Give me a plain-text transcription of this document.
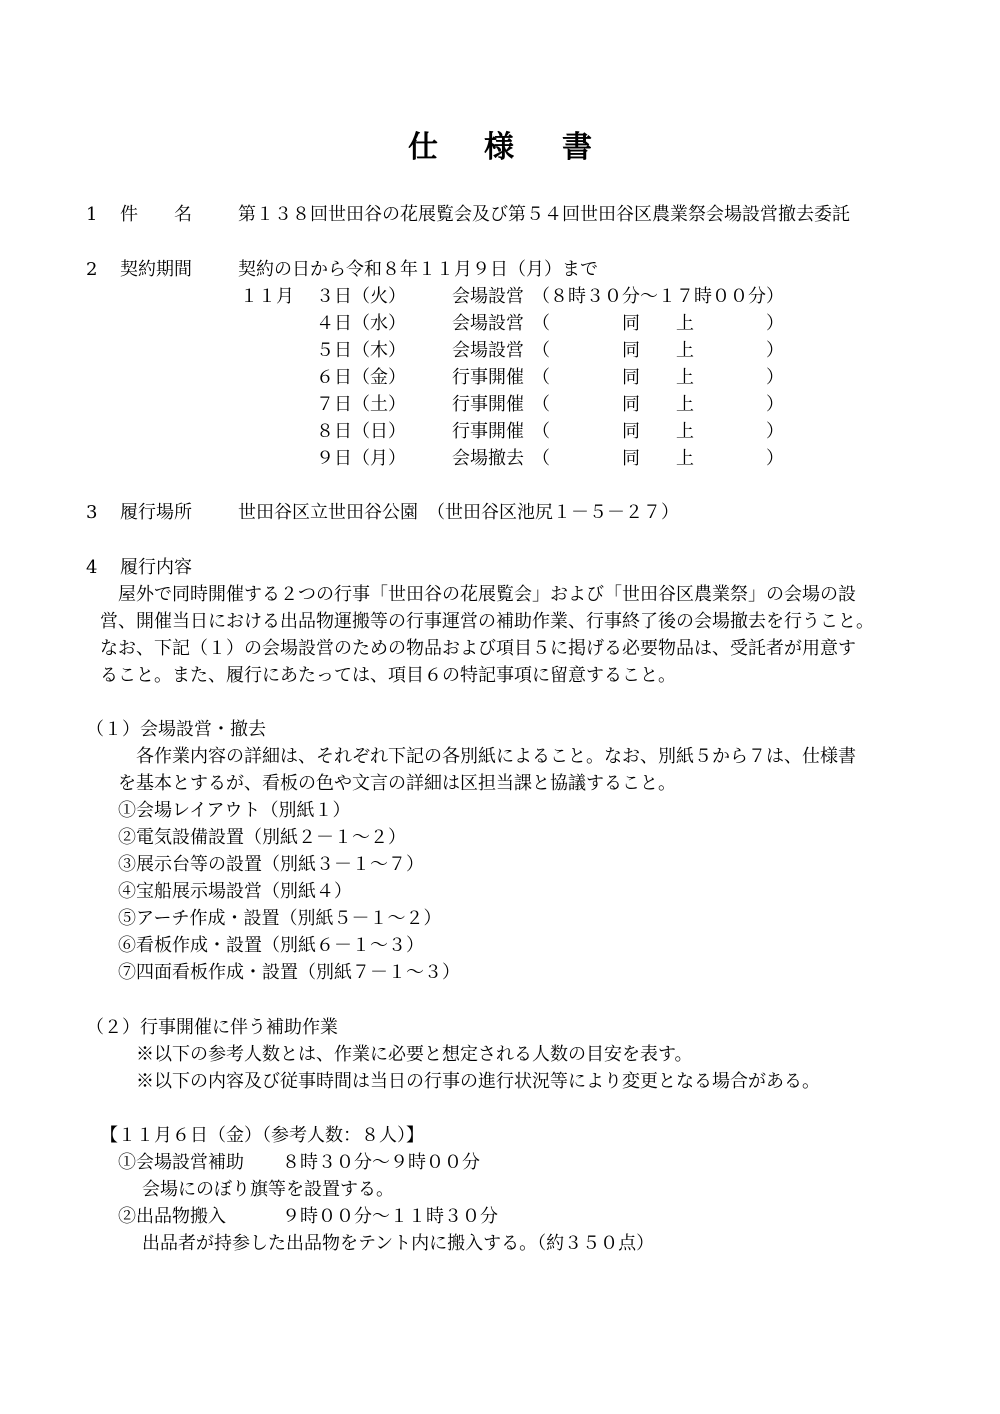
仕 様 書
1 件　　名	第１３８回世田谷の花展覧会及び第５４回世田谷区農業祭会場設営撤去委託
2 契約期間	契約の日から令和８年１１月９日（月）まで
１１月 ３日（火）	会場設営 （８時３０分～１７時００分）
４日（水）	会場設営 （　　　　同　　上　　　　）
５日（木）	会場設営 （　　　　同　　上　　　　）
６日（金）	行事開催 （　　　　同　　上　　　　）
７日（土）	行事開催 （　　　　同　　上　　　　）
８日（日）	行事開催 （　　　　同　　上　　　　）
９日（月）	会場撤去 （　　　　同　　上　　　　）
3 履行場所	世田谷区立世田谷公園　（世田谷区池尻１－５－２７）
4 履行内容
屋外で同時開催する２つの行事「世田谷の花展覧会」および「世田谷区農業祭」の会場の設
営、開催当日における出品物運搬等の行事運営の補助作業、行事終了後の会場撤去を行うこと。
なお、下記（１）の会場設営のための物品および項目５に掲げる必要物品は、受託者が用意す
ること。また、履行にあたっては、項目６の特記事項に留意すること。
（１）会場設営・撤去
各作業内容の詳細は、それぞれ下記の各別紙によること。なお、別紙５から７は、仕様書
を基本とするが、看板の色や文言の詳細は区担当課と協議すること。
①会場レイアウト（別紙１）
②電気設備設置（別紙２－１～２）
③展示台等の設置（別紙３－１～７）
④宝船展示場設営（別紙４）
⑤アーチ作成・設置（別紙５－１～２）
⑥看板作成・設置（別紙６－１～３）
⑦四面看板作成・設置（別紙７－１～３）
（２）行事開催に伴う補助作業
※以下の参考人数とは、作業に必要と想定される人数の目安を表す。
※以下の内容及び従事時間は当日の行事の進行状況等により変更となる場合がある。
【１１月６日（金）（参考人数：８人）】
①会場設営補助 ８時３０分～９時００分
会場にのぼり旗等を設置する。
②出品物搬入	９時００分～１１時３０分
出品者が持参した出品物をテント内に搬入する。（約３５０点）
